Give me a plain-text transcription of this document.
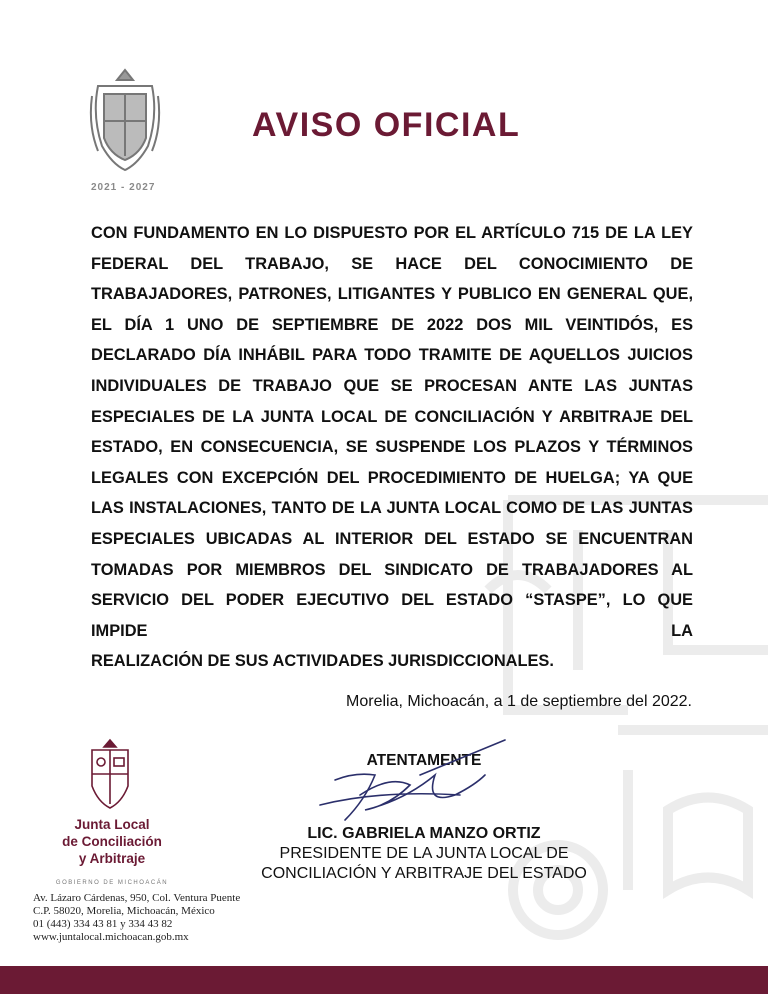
2021 - 2027
AVISO OFICIAL

CON FUNDAMENTO EN LO DISPUESTO POR EL ARTÍCULO 715 DE LA LEY FEDERAL DEL TRABAJO, SE HACE DEL CONOCIMIENTO DE TRABAJADORES, PATRONES, LITIGANTES Y PUBLICO EN GENERAL QUE, EL DÍA 1 UNO DE SEPTIEMBRE DE 2022 DOS MIL VEINTIDÓS, ES DECLARADO DÍA INHÁBIL PARA TODO TRAMITE DE AQUELLOS JUICIOS INDIVIDUALES DE TRABAJO QUE SE PROCESAN ANTE LAS JUNTAS ESPECIALES DE LA JUNTA LOCAL DE CONCILIACIÓN Y ARBITRAJE DEL ESTADO, EN CONSECUENCIA, SE SUSPENDE LOS PLAZOS Y TÉRMINOS LEGALES CON EXCEPCIÓN DEL PROCEDIMIENTO DE HUELGA; YA QUE LAS INSTALACIONES, TANTO DE LA JUNTA LOCAL COMO DE LAS JUNTAS ESPECIALES UBICADAS AL INTERIOR DEL ESTADO SE ENCUENTRAN TOMADAS POR MIEMBROS DEL SINDICATO DE TRABAJADORES AL SERVICIO DEL PODER EJECUTIVO DEL ESTADO “STASPE”, LO QUE IMPIDE LA
REALIZACIÓN DE SUS ACTIVIDADES JURISDICCIONALES.

Morelia, Michoacán, a 1 de septiembre del 2022.
ATENTAMENTE
LIC. GABRIELA MANZO ORTIZ
PRESIDENTE DE LA JUNTA LOCAL DE
CONCILIACIÓN Y ARBITRAJE DEL ESTADO
Junta Local
de Conciliación
y Arbitraje
GOBIERNO DE MICHOACÁN
Av. Lázaro Cárdenas, 950, Col. Ventura Puente
C.P. 58020, Morelia, Michoacán, México
01 (443) 334 43 81 y 334 43 82
www.juntalocal.michoacan.gob.mx
